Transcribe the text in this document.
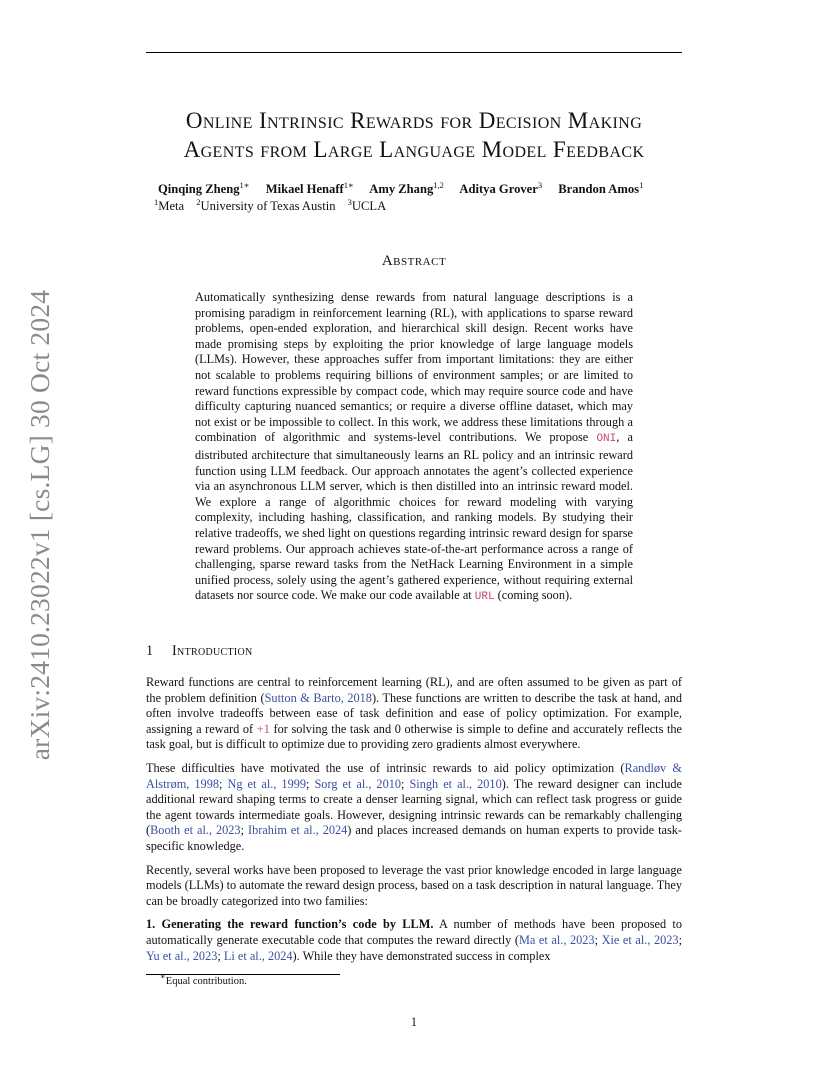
arXiv:2410.23022v1 [cs.LG] 30 Oct 2024
Online Intrinsic Rewards for Decision Making
Agents from Large Language Model Feedback
Qinqing Zheng$^{1∗}$ Mikael Henaff$^{1∗}$ Amy Zhang$^{1,2}$ Aditya Grover$^3$ Brandon Amos$^1$
$^1$Meta $^2$University of Texas Austin $^3$UCLA
Abstract
Automatically synthesizing dense rewards from natural language descriptions is a promising paradigm in reinforcement learning (RL), with applications to sparse reward problems, open-ended exploration, and hierarchical skill design. Recent works have made promising steps by exploiting the prior knowledge of large language models (LLMs). However, these approaches suffer from important limitations: they are either not scalable to problems requiring billions of environment samples; or are limited to reward functions expressible by compact code, which may require source code and have difficulty capturing nuanced semantics; or require a diverse offline dataset, which may not exist or be impossible to collect. In this work, we address these limitations through a combination of algorithmic and systems-level contributions. We propose ONI, a distributed architecture that simultaneously learns an RL policy and an intrinsic reward function using LLM feedback. Our approach annotates the agent’s collected experience via an asynchronous LLM server, which is then distilled into an intrinsic reward model. We explore a range of algorithmic choices for reward modeling with varying complexity, including hashing, classification, and ranking models. By studying their relative tradeoffs, we shed light on questions regarding intrinsic reward design for sparse reward problems. Our approach achieves state-of-the-art performance across a range of challenging, sparse reward tasks from the NetHack Learning Environment in a simple unified process, solely using the agent’s gathered experience, without requiring external datasets nor source code. We make our code available at URL (coming soon).
1 Introduction

Reward functions are central to reinforcement learning (RL), and are often assumed to be given as part of the problem definition (Sutton & Barto, 2018). These functions are written to describe the task at hand, and often involve tradeoffs between ease of task definition and ease of policy optimization. For example, assigning a reward of +1 for solving the task and 0 otherwise is simple to define and accurately reflects the task goal, but is difficult to optimize due to providing zero gradients almost everywhere.

These difficulties have motivated the use of intrinsic rewards to aid policy optimization (Randløv & Alstrøm, 1998; Ng et al., 1999; Sorg et al., 2010; Singh et al., 2010). The reward designer can include additional reward shaping terms to create a denser learning signal, which can reflect task progress or guide the agent towards intermediate goals. However, designing intrinsic rewards can be remarkably challenging (Booth et al., 2023; Ibrahim et al., 2024) and places increased demands on human experts to provide task-specific knowledge.

Recently, several works have been proposed to leverage the vast prior knowledge encoded in large language models (LLMs) to automate the reward design process, based on a task description in natural language. They can be broadly categorized into two families:

1. Generating the reward function’s code by LLM. A number of methods have been proposed to automatically generate executable code that computes the reward directly (Ma et al., 2023; Xie et al., 2023; Yu et al., 2023; Li et al., 2024). While they have demonstrated success in complex

∗Equal contribution.
1
